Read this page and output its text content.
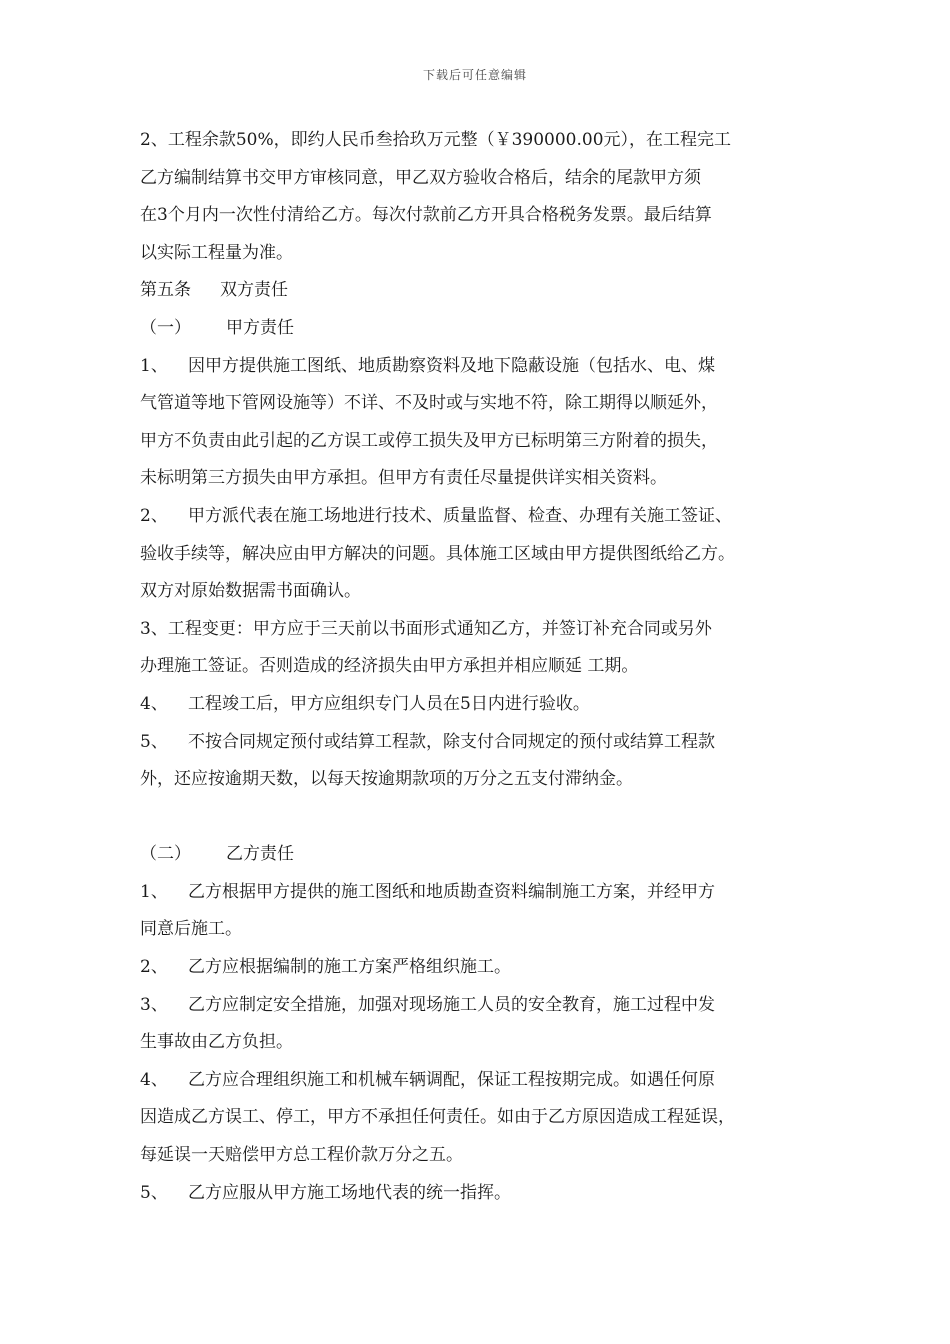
下载后可任意编辑
2、工程余款50%，即约人民币叁拾玖万元整（￥390000.00元），在工程完工
乙方编制结算书交甲方审核同意，甲乙双方验收合格后，结余的尾款甲方须
在3个月内一次性付清给乙方。每次付款前乙方开具合格税务发票。最后结算
以实际工程量为准。
第五条 双方责任
（一） 甲方责任
1、 因甲方提供施工图纸、地质勘察资料及地下隐蔽设施（包括水、电、煤
气管道等地下管网设施等）不详、不及时或与实地不符，除工期得以顺延外，
甲方不负责由此引起的乙方误工或停工损失及甲方已标明第三方附着的损失，
未标明第三方损失由甲方承担。但甲方有责任尽量提供详实相关资料。
2、 甲方派代表在施工场地进行技术、质量监督、检查、办理有关施工签证、
验收手续等，解决应由甲方解决的问题。具体施工区域由甲方提供图纸给乙方。
双方对原始数据需书面确认。
3、工程变更：甲方应于三天前以书面形式通知乙方，并签订补充合同或另外
办理施工签证。否则造成的经济损失由甲方承担并相应顺延 工期。
4、 工程竣工后，甲方应组织专门人员在5日内进行验收。
5、 不按合同规定预付或结算工程款，除支付合同规定的预付或结算工程款
外，还应按逾期天数，以每天按逾期款项的万分之五支付滞纳金。
（二） 乙方责任
1、 乙方根据甲方提供的施工图纸和地质勘查资料编制施工方案，并经甲方
同意后施工。
2、 乙方应根据编制的施工方案严格组织施工。
3、 乙方应制定安全措施，加强对现场施工人员的安全教育，施工过程中发
生事故由乙方负担。
4、 乙方应合理组织施工和机械车辆调配，保证工程按期完成。如遇任何原
因造成乙方误工、停工，甲方不承担任何责任。如由于乙方原因造成工程延误，
每延误一天赔偿甲方总工程价款万分之五。
5、 乙方应服从甲方施工场地代表的统一指挥。
